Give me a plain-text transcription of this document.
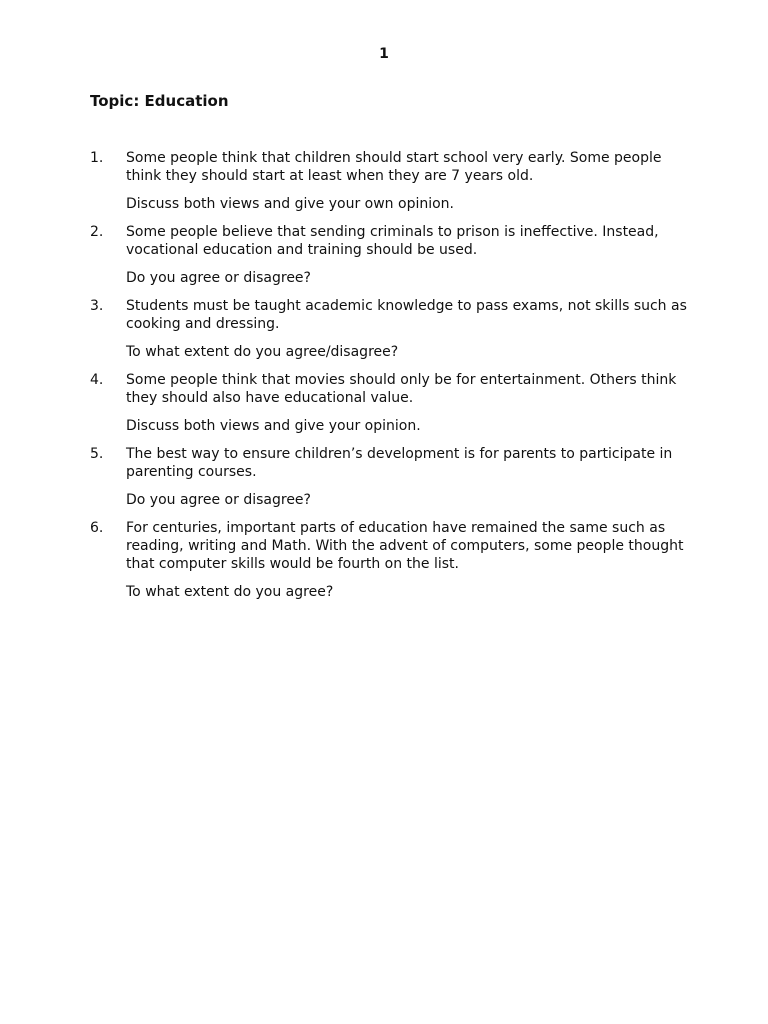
1
Topic: Education
1.	Some people think that children should start school very early. Some people think they should start at least when they are 7 years old.

Discuss both views and give your own opinion.

2.	Some people believe that sending criminals to prison is ineffective. Instead, vocational education and training should be used.

Do you agree or disagree?

3.	Students must be taught academic knowledge to pass exams, not skills such as cooking and dressing.

To what extent do you agree/disagree?

4.	Some people think that movies should only be for entertainment. Others think they should also have educational value.

Discuss both views and give your opinion.

5.	The best way to ensure children’s development is for parents to participate in parenting courses.

Do you agree or disagree?

6.	For centuries, important parts of education have remained the same such as reading, writing and Math. With the advent of computers, some people thought that computer skills would be fourth on the list.

To what extent do you agree?
